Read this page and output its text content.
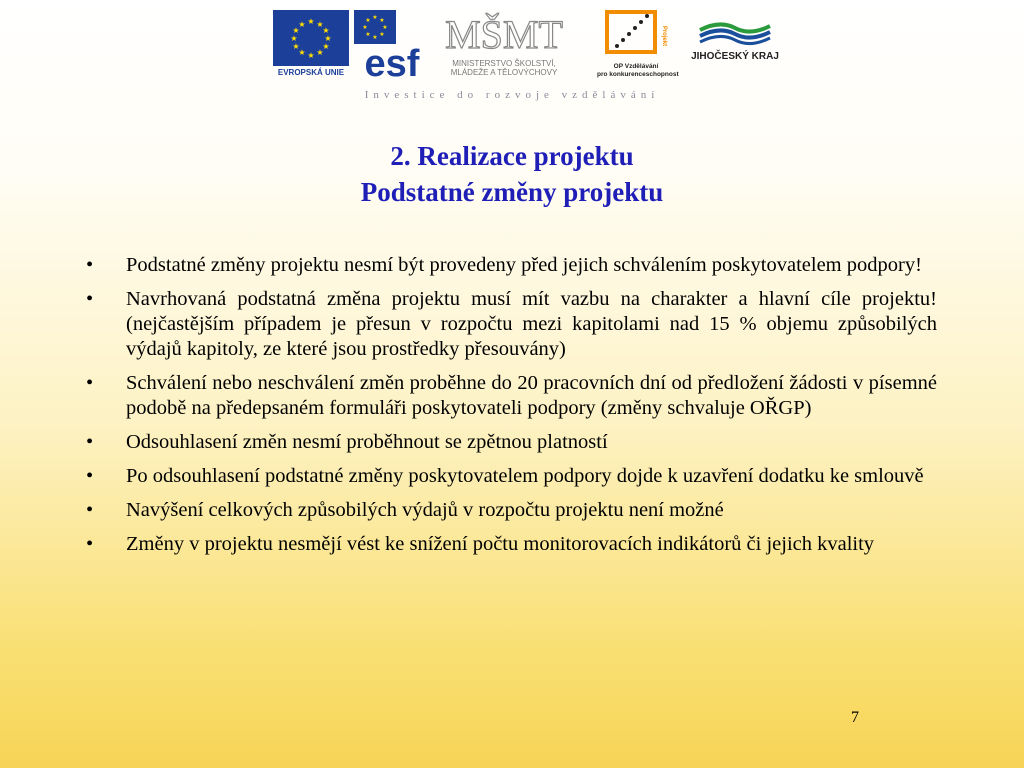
★ ★
★
★
★
★
★
★
★
★
★
★
EVROPSKÁ UNIE
★ ★
★
★
★
★
★
★
esf
MŠMT
MINISTERSTVO ŠKOLSTVÍ,
MLÁDEŽE A TĚLOVÝCHOVY
Projekt
OP Vzdělávání
pro konkurenceschopnost
JIHOČESKÝ KRAJ
Investice do rozvoje vzdělávání
2. Realizace projektu
Podstatné změny projektu
• Podstatné změny projektu nesmí být provedeny před jejich schválením poskytovatelem podpory!
• Navrhovaná podstatná změna projektu musí mít vazbu na charakter a hlavní cíle projektu! (nejčastějším případem je přesun v rozpočtu mezi kapitolami nad 15 % objemu způsobilých výdajů kapitoly, ze které jsou prostředky přesouvány)
• Schválení nebo neschválení změn proběhne do 20 pracovních dní od předložení žádosti v písemné podobě na předepsaném formuláři poskytovateli podpory (změny schvaluje OŘGP)
• Odsouhlasení změn nesmí proběhnout se zpětnou platností
• Po odsouhlasení podstatné změny poskytovatelem podpory dojde k uzavření dodatku ke smlouvě
• Navýšení celkových způsobilých výdajů v rozpočtu projektu není možné
• Změny v projektu nesmějí vést ke snížení počtu monitorovacích indikátorů či jejich kvality
7
